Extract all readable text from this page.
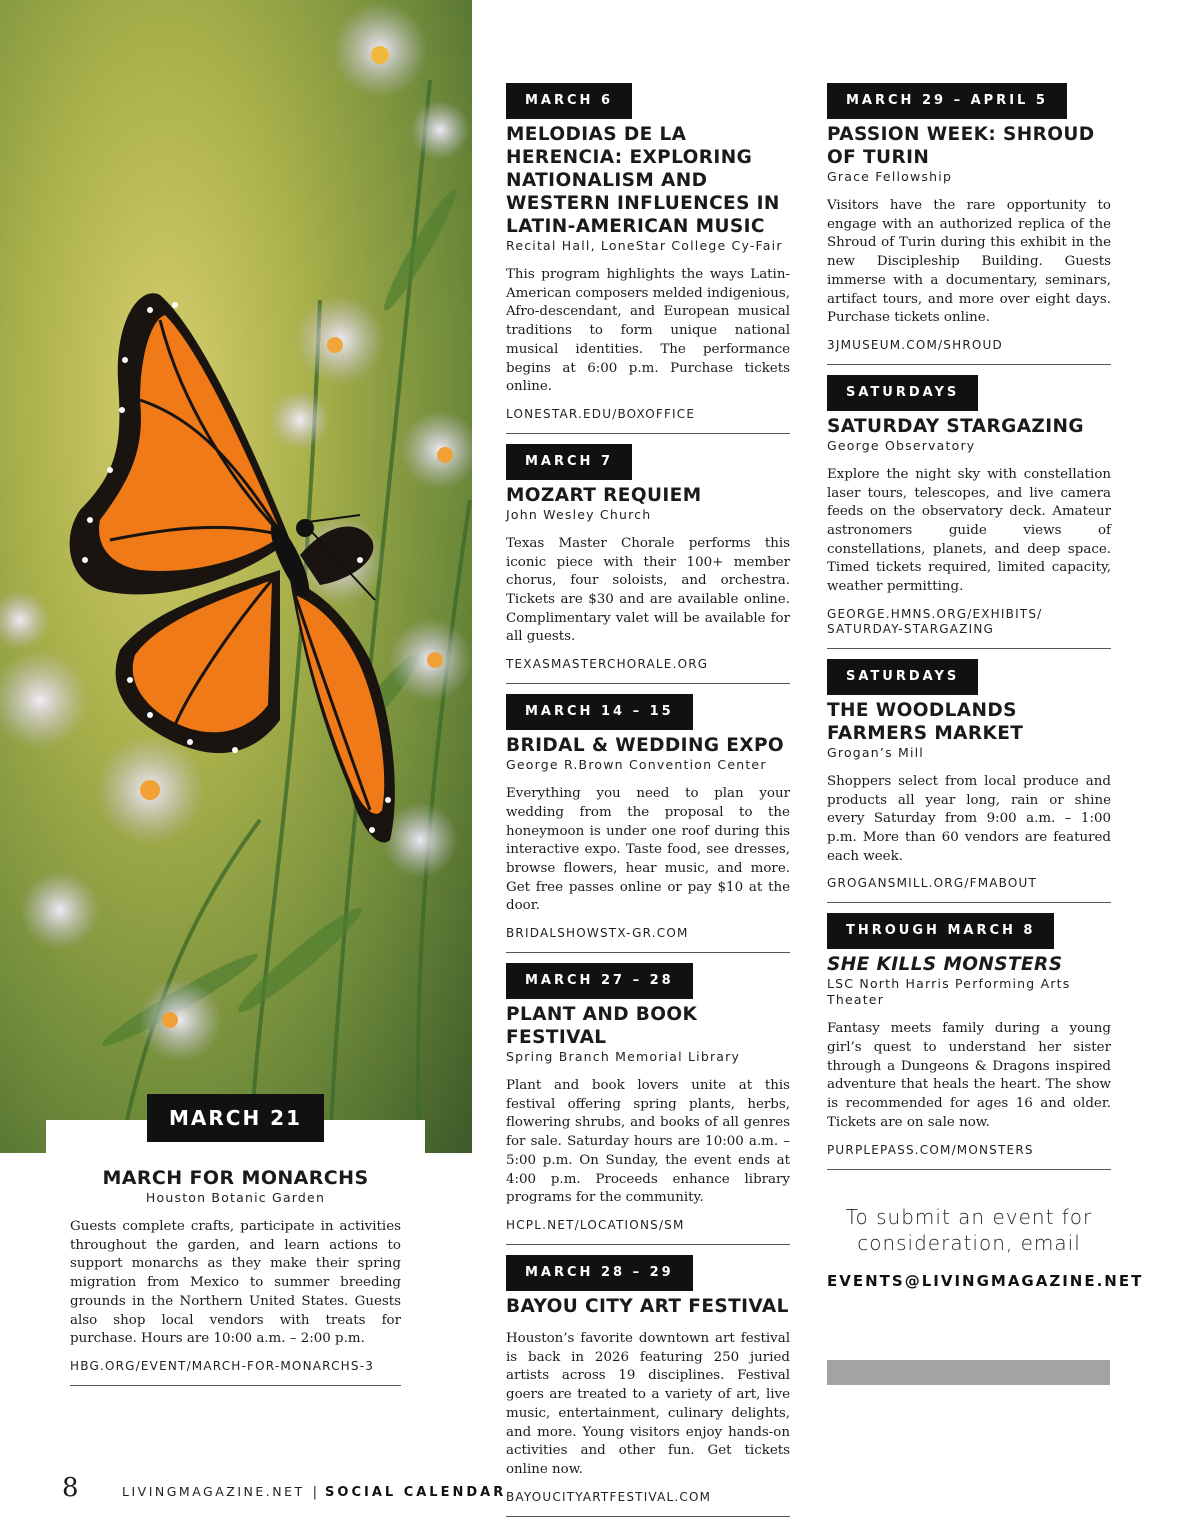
MARCH 21
MARCH FOR MONARCHS
Houston Botanic Garden
Guests complete crafts, participate in activities throughout the garden, and learn actions to support monarchs as they make their spring migration from Mexico to summer breeding grounds in the Northern United States. Guests also shop local vendors with treats for purchase. Hours are 10:00 a.m. – 2:00 p.m.
HBG.ORG/EVENT/MARCH-FOR-MONARCHS-3
MARCH 6
MELODIAS DE LA HERENCIA: EXPLORING NATIONALISM AND WESTERN INFLUENCES IN LATIN-AMERICAN MUSIC
Recital Hall, LoneStar College Cy-Fair
This program highlights the ways Latin-American composers melded indigenious, Afro-descendant, and European musical traditions to form unique national musical identities. The performance begins at 6:00 p.m. Purchase tickets online.
LONESTAR.EDU/BOXOFFICE
MARCH 7
MOZART REQUIEM
John Wesley Church
Texas Master Chorale performs this iconic piece with their 100+ member chorus, four soloists, and orchestra. Tickets are $30 and are available online. Complimentary valet will be available for all guests.
TEXASMASTERCHORALE.ORG
MARCH 14 – 15
BRIDAL & WEDDING EXPO
George R.Brown Convention Center
Everything you need to plan your wedding from the proposal to the honeymoon is under one roof during this interactive expo. Taste food, see dresses, browse flowers, hear music, and more. Get free passes online or pay $10 at the door.
BRIDALSHOWSTX-GR.COM
MARCH 27 – 28
PLANT AND BOOK FESTIVAL
Spring Branch Memorial Library
Plant and book lovers unite at this festival offering spring plants, herbs, flowering shrubs, and books of all genres for sale. Saturday hours are 10:00 a.m. – 5:00 p.m. On Sunday, the event ends at 4:00 p.m. Proceeds enhance library programs for the community.
HCPL.NET/LOCATIONS/SM
MARCH 28 – 29
BAYOU CITY ART FESTIVAL
Houston’s favorite downtown art festival is back in 2026 featuring 250 juried artists across 19 disciplines. Festival goers are treated to a variety of art, live music, entertainment, culinary delights, and more. Young visitors enjoy hands-on activities and other fun. Get tickets online now.
BAYOUCITYARTFESTIVAL.COM
MARCH 29 – APRIL 5
PASSION WEEK: SHROUD OF TURIN
Grace Fellowship
Visitors have the rare opportunity to engage with an authorized replica of the Shroud of Turin during this exhibit in the new Discipleship Building. Guests immerse with a documentary, seminars, artifact tours, and more over eight days. Purchase tickets online.
3JMUSEUM.COM/SHROUD
SATURDAYS
SATURDAY STARGAZING
George Observatory
Explore the night sky with constellation laser tours, telescopes, and live camera feeds on the observatory deck. Amateur astronomers guide views of constellations, planets, and deep space. Timed tickets required, limited capacity, weather permitting.
GEORGE.HMNS.ORG/EXHIBITS/ SATURDAY-STARGAZING
SATURDAYS
THE WOODLANDS FARMERS MARKET
Grogan’s Mill
Shoppers select from local produce and products all year long, rain or shine every Saturday from 9:00 a.m. – 1:00 p.m. More than 60 vendors are featured each week.
GROGANSMILL.ORG/FMABOUT
THROUGH MARCH 8
SHE KILLS MONSTERS
LSC North Harris Performing Arts Theater
Fantasy meets family during a young girl’s quest to understand her sister through a Dungeons & Dragons inspired adventure that heals the heart. The show is recommended for ages 16 and older. Tickets are on sale now.
PURPLEPASS.COM/MONSTERS
To submit an event for consideration, email
EVENTS@LIVINGMAGAZINE.NET
8	LIVINGMAGAZINE.NET | SOCIAL CALENDAR
